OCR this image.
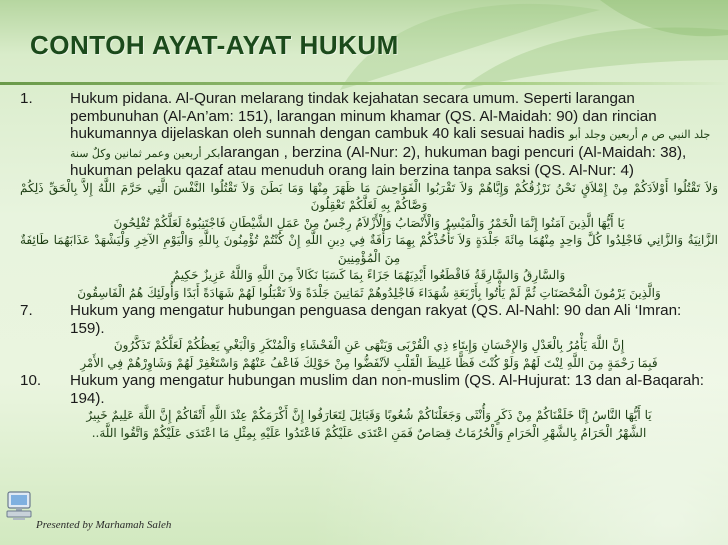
CONTOH AYAT-AYAT HUKUM
1.	Hukum pidana. Al-Quran melarang tindak kejahatan secara umum. Seperti larangan pembunuhan (Al-An’am: 151), larangan minum khamar (QS. Al-Maidah: 90) dan rincian hukumannya dijelaskan oleh sunnah dengan cambuk 40 kali sesuai hadis جلد النبي ص م أربعين وجلد أبو بكر أربعين وعمر ثمانين وكلٌ سنةlarangan , berzina (Al-Nur: 2), hukuman bagi pencuri (Al-Maidah: 38), hukuman pelaku qazaf atau menuduh orang lain berzina tanpa saksi (QS. Al-Nur: 4)
وَلاَ تَقْتُلُوا أَوْلاَدَكُمْ مِنْ إِمْلاَقٍ نَحْنُ نَرْزُقُكُمْ وَإِيَّاهُمْ وَلاَ تَقْرَبُوا الْفَوَاحِشَ مَا ظَهَرَ مِنْهَا وَمَا بَطَنَ وَلاَ تَقْتُلُوا النَّفْسَ الَّتِي حَرَّمَ اللَّهُ إِلاَّ بِالْحَقِّ ذَلِكُمْ وَصَّاكُمْ بِهِ لَعَلَّكُمْ تَعْقِلُونَ
يَا أَيُّهَا الَّذِينَ آمَنُوا إِنَّمَا الْخَمْرُ وَالْمَيْسِرُ وَالْأَنْصَابُ وَالْأَزْلاَمُ رِجْسٌ مِنْ عَمَلِ الشَّيْطَانِ فَاجْتَنِبُوهُ لَعَلَّكُمْ تُفْلِحُونَ
الزَّانِيَةُ وَالزَّانِي فَاجْلِدُوا كُلَّ وَاحِدٍ مِنْهُمَا مِائَةَ جَلْدَةٍ وَلاَ تَأْخُذْكُمْ بِهِمَا رَأْفَةٌ فِي دِينِ اللَّهِ إِنْ كُنْتُمْ تُؤْمِنُونَ بِاللَّهِ وَالْيَوْمِ الآخِرِ وَلْيَشْهَدْ عَذَابَهُمَا طَائِفَةٌ مِنَ الْمُؤْمِنِينَ
وَالسَّارِقُ وَالسَّارِقَةُ فَاقْطَعُوا أَيْدِيَهُمَا جَزَاءً بِمَا كَسَبَا نَكَالاً مِنَ اللَّهِ وَاللَّهُ عَزِيزٌ حَكِيمٌ
وَالَّذِينَ يَرْمُونَ الْمُحْصَنَاتِ ثُمَّ لَمْ يَأْتُوا بِأَرْبَعَةِ شُهَدَاءَ فَاجْلِدُوهُمْ ثَمَانِينَ جَلْدَةً وَلاَ تَقْبَلُوا لَهُمْ شَهَادَةً أَبَدًا وَأُولَئِكَ هُمُ الْفَاسِقُونَ
7.	Hukum yang mengatur hubungan penguasa dengan rakyat (QS. Al-Nahl: 90 dan Ali ‘Imran: 159).
إِنَّ اللَّهَ يَأْمُرُ بِالْعَدْلِ وَالإِحْسَانِ وَإِيتَاءِ ذِي الْقُرْبَى وَيَنْهَى عَنِ الْفَحْشَاءِ وَالْمُنْكَرِ وَالْبَغْيِ يَعِظُكُمْ لَعَلَّكُمْ تَذَكَّرُونَ
فَبِمَا رَحْمَةٍ مِنَ اللَّهِ لِنْتَ لَهُمْ وَلَوْ كُنْتَ فَظًّا غَلِيظَ الْقَلْبِ لاَنْفَضُّوا مِنْ حَوْلِكَ فَاعْفُ عَنْهُمْ وَاسْتَغْفِرْ لَهُمْ وَشَاوِرْهُمْ فِي الأَمْرِ
10.	Hukum yang mengatur hubungan muslim dan non-muslim (QS. Al-Hujurat: 13 dan al-Baqarah: 194).
يَا أَيُّهَا النَّاسُ إِنَّا خَلَقْنَاكُمْ مِنْ ذَكَرٍ وَأُنْثَى وَجَعَلْنَاكُمْ شُعُوبًا وَقَبَائِلَ لِتَعَارَفُوا إِنَّ أَكْرَمَكُمْ عِنْدَ اللَّهِ أَتْقَاكُمْ إِنَّ اللَّهَ عَلِيمٌ خَبِيرٌ
الشَّهْرُ الْحَرَامُ بِالشَّهْرِ الْحَرَامِ وَالْحُرُمَاتُ قِصَاصٌ فَمَنِ اعْتَدَى عَلَيْكُمْ فَاعْتَدُوا عَلَيْهِ بِمِثْلِ مَا اعْتَدَى عَلَيْكُمْ وَاتَّقُوا اللَّهَ..
Presented by Marhamah Saleh
